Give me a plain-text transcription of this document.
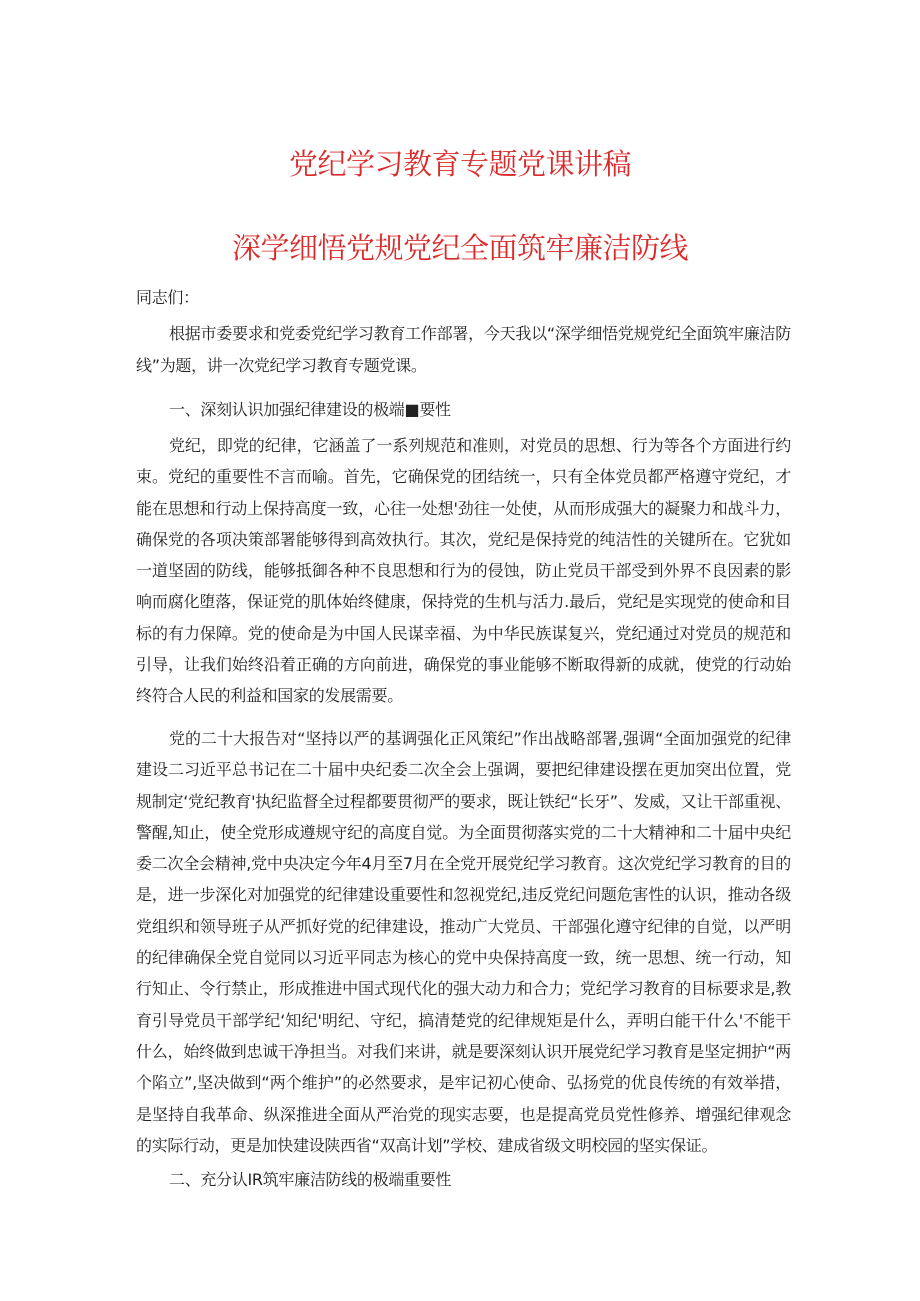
党纪学习教育专题党课讲稿
深学细悟党规党纪全面筑牢廉洁防线

同志们：

根据市委要求和党委党纪学习教育工作部署，今天我以“深学细悟党规党纪全面筑牢廉洁防线”为题，讲一次党纪学习教育专题党课。

一、深刻认识加强纪律建设的极端■要性

党纪，即党的纪律，它涵盖了一系列规范和准则，对党员的思想、行为等各个方面进行约束。党纪的重要性不言而喻。首先，它确保党的团结统一，只有全体党员都严格遵守党纪，才能在思想和行动上保持高度一致，心往一处想'劲往一处使，从而形成强大的凝聚力和战斗力，确保党的各项决策部署能够得到高效执行。其次，党纪是保持党的纯洁性的关键所在。它犹如一道坚固的防线，能够抵御各种不良思想和行为的侵蚀，防止党员干部受到外界不良因素的影响而腐化堕落，保证党的肌体始终健康，保持党的生机与活力.最后，党纪是实现党的使命和目标的有力保障。党的使命是为中国人民谋幸福、为中华民族谋复兴，党纪通过对党员的规范和引导，让我们始终沿着正确的方向前进，确保党的事业能够不断取得新的成就，使党的行动始终符合人民的利益和国家的发展需要。

党的二十大报告对“坚持以严的基调强化正风策纪”作出战略部署,强调“全面加强党的纪律建设二习近平总书记在二十届中央纪委二次全会上强调，要把纪律建设摆在更加突出位置，党规制定‘党纪教育'执纪监督全过程都要贯彻严的要求，既让铁纪“长牙”、发威，又让干部重视、警醒,知止，使全党形成遵规守纪的高度自觉。为全面贯彻落实党的二十大精神和二十届中央纪委二次全会精神,党中央决定今年4月至7月在全党开展党纪学习教育。这次党纪学习教育的目的是，进一步深化对加强党的纪律建设重要性和忽视党纪,违反党纪问题危害性的认识，推动各级党组织和领导班子从严抓好党的纪律建设，推动广大党员、干部强化遵守纪律的自觉，以严明的纪律确保全党自觉同以习近平同志为核心的党中央保持高度一致，统一思想、统一行动，知行知止、令行禁止，形成推进中国式现代化的强大动力和合力；党纪学习教育的目标要求是,教育引导党员干部学纪‘知纪'明纪、守纪，搞清楚党的纪律规矩是什么，弄明白能干什么'不能干什么，始终做到忠诚干净担当。对我们来讲，就是要深刻认识开展党纪学习教育是坚定拥护“两个陷立”,坚决做到“两个维护”的必然要求，是牢记初心使命、弘扬党的优良传统的有效举措，是坚持自我革命、纵深推进全面从严治党的现实志要，也是提高党员党性修养、增强纪律观念的实际行动，更是加快建设陕西省“双高计划”学校、建成省级文明校园的坚实保证。

二、充分认IR筑牢廉洁防线的极端重要性
